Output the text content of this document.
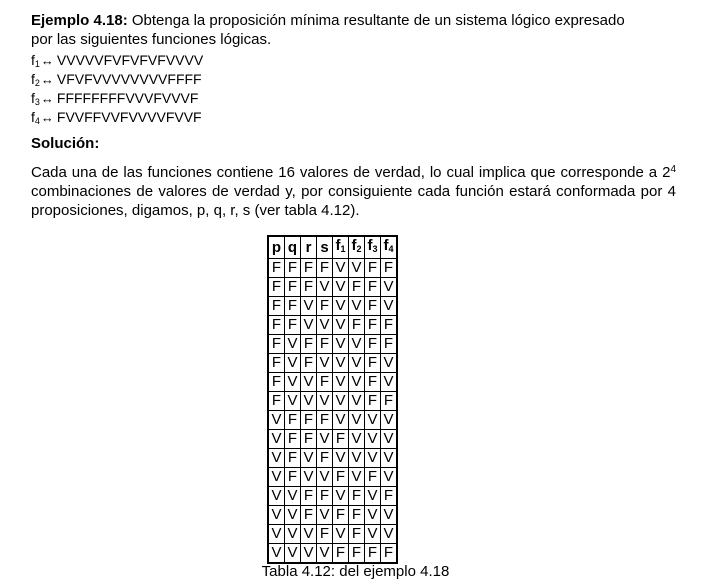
Ejemplo 4.18: Obtenga la proposición mínima resultante de un sistema lógico expresado
por las siguientes funciones lógicas.
$f_1\leftrightarrow$ VVVVVFVFVFVFVVVV
$f_2\leftrightarrow$ VFVFVVVVVVVVFFFF
$f_3\leftrightarrow$ FFFFFFFFVVVFVVVF
$f_4\leftrightarrow$ FVVFFVVFVVVVFVVF
Solución:
Cada una de las funciones contiene 16 valores de verdad, lo cual implica que corresponde a $2^4$ combinaciones de valores de verdad y, por consiguiente cada función estará conformada por 4 proposiciones, digamos, p, q, r, s (ver tabla 4.12).
p	q	r	s	$f_1$	$f_2$	$f_3$	$f_4$
F	F	F	F	V	V	F	F
F	F	F	V	V	F	F	V
F	F	V	F	V	V	F	V
F	F	V	V	V	F	F	F
F	V	F	F	V	V	F	F
F	V	F	V	V	V	F	V
F	V	V	F	V	V	F	V
F	V	V	V	V	V	F	F
V	F	F	F	V	V	V	V
V	F	F	V	F	V	V	V
V	F	V	F	V	V	V	V
V	F	V	V	F	V	F	V
V	V	F	F	V	F	V	F
V	V	F	V	F	F	V	V
V	V	V	F	V	F	V	V
V	V	V	V	F	F	F	F
Tabla 4.12: del ejemplo 4.18
